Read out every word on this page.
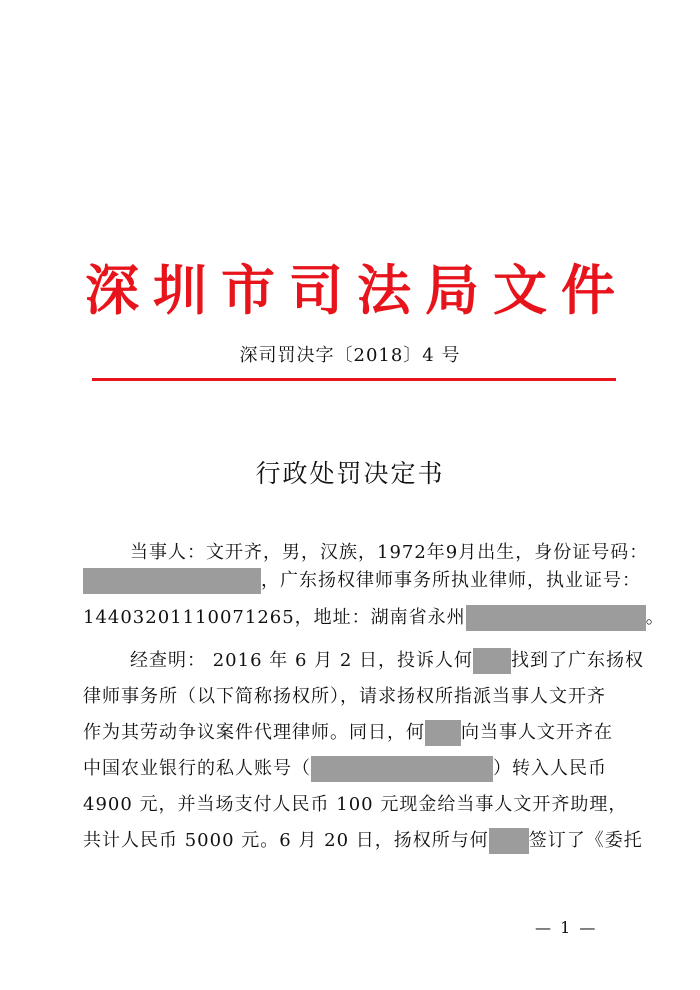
深圳市司法局文件
深司罚决字〔2018〕4 号
行政处罚决定书
当事人：文开齐，男，汉族，1972年9月出生，身份证号码：
，广东扬权律师事务所执业律师，执业证号：
14403201110071265，地址：湖南省永州	。
经查明： 2016 年 6 月 2 日，投诉人何 找到了广东扬权
律师事务所（以下简称扬权所），请求扬权所指派当事人文开齐
作为其劳动争议案件代理律师。同日，何 向当事人文开齐在
中国农业银行的私人账号（	）转入人民币
4900 元，并当场支付人民币 100 元现金给当事人文开齐助理，
共计人民币 5000 元。6 月 20 日，扬权所与何 签订了《委托
— 1 —
